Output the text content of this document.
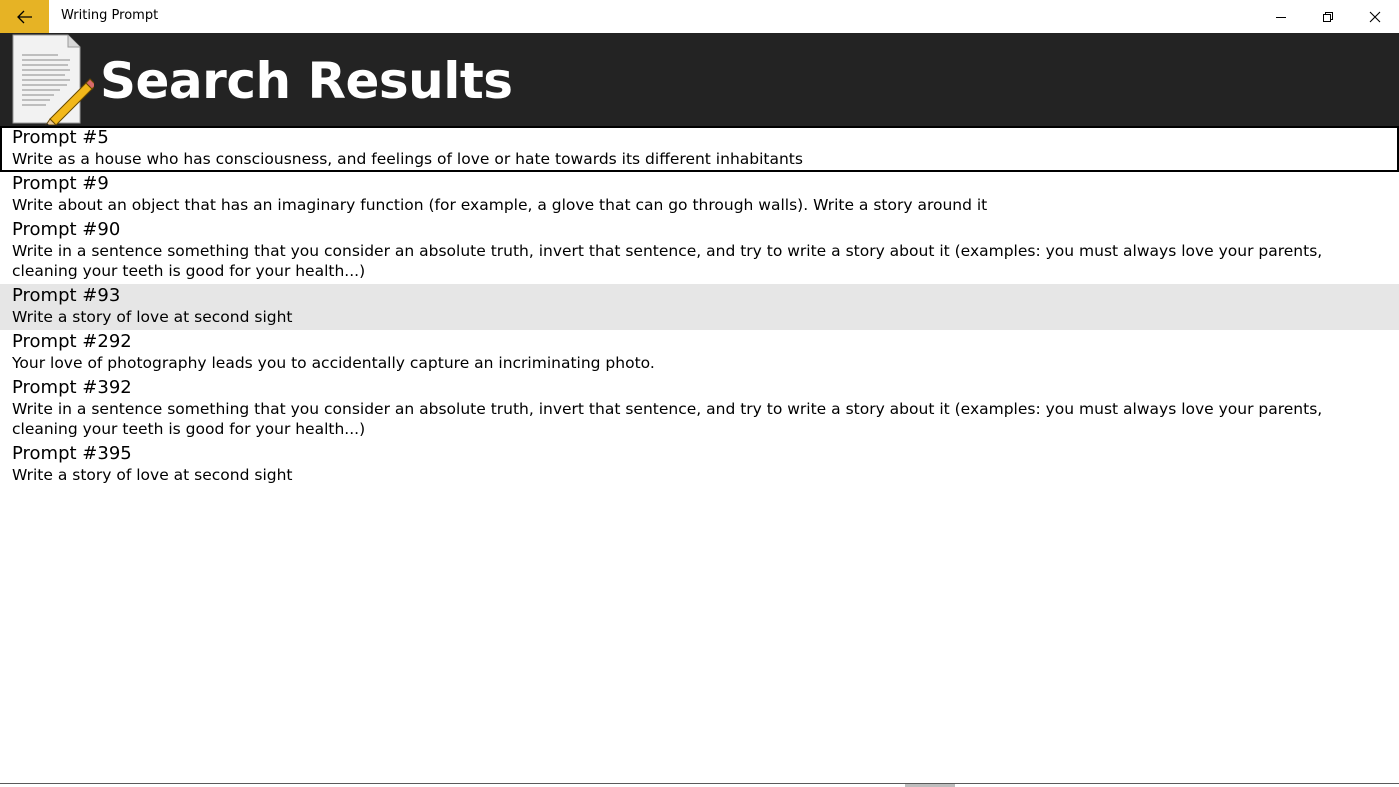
Writing Prompt
Search Results
Prompt #5
Write as a house who has consciousness, and feelings of love or hate towards its different inhabitants
Prompt #9
Write about an object that has an imaginary function (for example, a glove that can go through walls). Write a story around it
Prompt #90
Write in a sentence something that you consider an absolute truth, invert that sentence, and try to write a story about it (examples: you must always love your parents, cleaning your teeth is good for your health...)
Prompt #93
Write a story of love at second sight
Prompt #292
Your love of photography leads you to accidentally capture an incriminating photo.
Prompt #392
Write in a sentence something that you consider an absolute truth, invert that sentence, and try to write a story about it (examples: you must always love your parents, cleaning your teeth is good for your health...)
Prompt #395
Write a story of love at second sight
